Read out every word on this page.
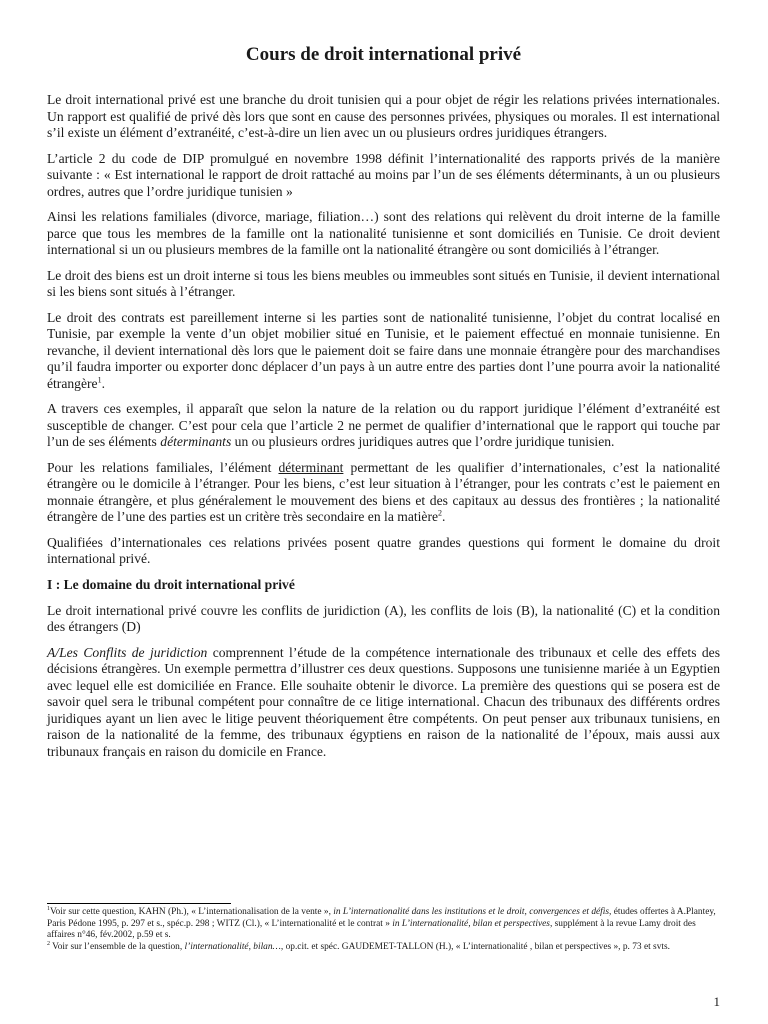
Cours de droit international privé

Le droit international privé est une branche du droit tunisien qui a pour objet de régir les relations privées internationales. Un rapport est qualifié de privé dès lors que sont en cause des personnes privées, physiques ou morales. Il est international s’il existe un élément d’extranéité, c’est-à-dire un lien avec un ou plusieurs ordres juridiques étrangers.

L’article 2 du code de DIP promulgué en novembre 1998 définit l’internationalité des rapports privés de la manière suivante : « Est international le rapport de droit rattaché au moins par l’un de ses éléments déterminants, à un ou plusieurs ordres, autres que l’ordre juridique tunisien »

Ainsi les relations familiales (divorce, mariage, filiation…) sont des relations qui relèvent du droit interne de la famille parce que tous les membres de la famille ont la nationalité tunisienne et sont domiciliés en Tunisie. Ce droit devient international si un ou plusieurs membres de la famille ont la nationalité étrangère ou sont domiciliés à l’étranger.

Le droit des biens est un droit interne si tous les biens meubles ou immeubles sont situés en Tunisie, il devient international si les biens sont situés à l’étranger.

Le droit des contrats est pareillement interne si les parties sont de nationalité tunisienne, l’objet du contrat localisé en Tunisie, par exemple la vente d’un objet mobilier situé en Tunisie, et le paiement effectué en monnaie tunisienne. En revanche, il devient international dès lors que le paiement doit se faire dans une monnaie étrangère pour des marchandises qu’il faudra importer ou exporter donc déplacer d’un pays à un autre entre des parties dont l’une pourra avoir la nationalité étrangère$^1$.

A travers ces exemples, il apparaît que selon la nature de la relation ou du rapport juridique l’élément d’extranéité est susceptible de changer. C’est pour cela que l’article 2 ne permet de qualifier d’international que le rapport qui touche par l’un de ses éléments déterminants un ou plusieurs ordres juridiques autres que l’ordre juridique tunisien.

Pour les relations familiales, l’élément déterminant permettant de les qualifier d’internationales, c’est la nationalité étrangère ou le domicile à l’étranger. Pour les biens, c’est leur situation à l’étranger, pour les contrats c’est le paiement en monnaie étrangère, et plus généralement le mouvement des biens et des capitaux au dessus des frontières ; la nationalité étrangère de l’une des parties est un critère très secondaire en la matière$^2$.

Qualifiées d’internationales ces relations privées posent quatre grandes questions qui forment le domaine du droit international privé.

I : Le domaine du droit international privé

Le droit international privé couvre les conflits de juridiction (A), les conflits de lois (B), la nationalité (C) et la condition des étrangers (D)

A/Les Conflits de juridiction comprennent l’étude de la compétence internationale des tribunaux et celle des effets des décisions étrangères. Un exemple permettra d’illustrer ces deux questions. Supposons une tunisienne mariée à un Egyptien avec lequel elle est domiciliée en France. Elle souhaite obtenir le divorce. La première des questions qui se posera est de savoir quel sera le tribunal compétent pour connaître de ce litige international. Chacun des tribunaux des différents ordres juridiques ayant un lien avec le litige peuvent théoriquement être compétents. On peut penser aux tribunaux tunisiens, en raison de la nationalité de la femme, des tribunaux égyptiens en raison de la nationalité de l’époux, mais aussi aux tribunaux français en raison du domicile en France.

$^1$Voir sur cette question, KAHN (Ph.), « L’internationalisation de la vente », in L’internationalité dans les institutions et le droit, convergences et défis, études offertes à A.Plantey, Paris Pédone 1995, p. 297 et s., spéc.p. 298 ; WITZ (Cl.), « L’internationalité et le contrat » in L’internationalité, bilan et perspectives, supplément à la revue Lamy droit des affaires n°46, fév.2002, p.59 et s.

$^2$ Voir sur l’ensemble de la question, l’internationalité, bilan…, op.cit. et spéc. GAUDEMET-TALLON (H.), « L’internationalité , bilan et perspectives », p. 73 et svts.

1
